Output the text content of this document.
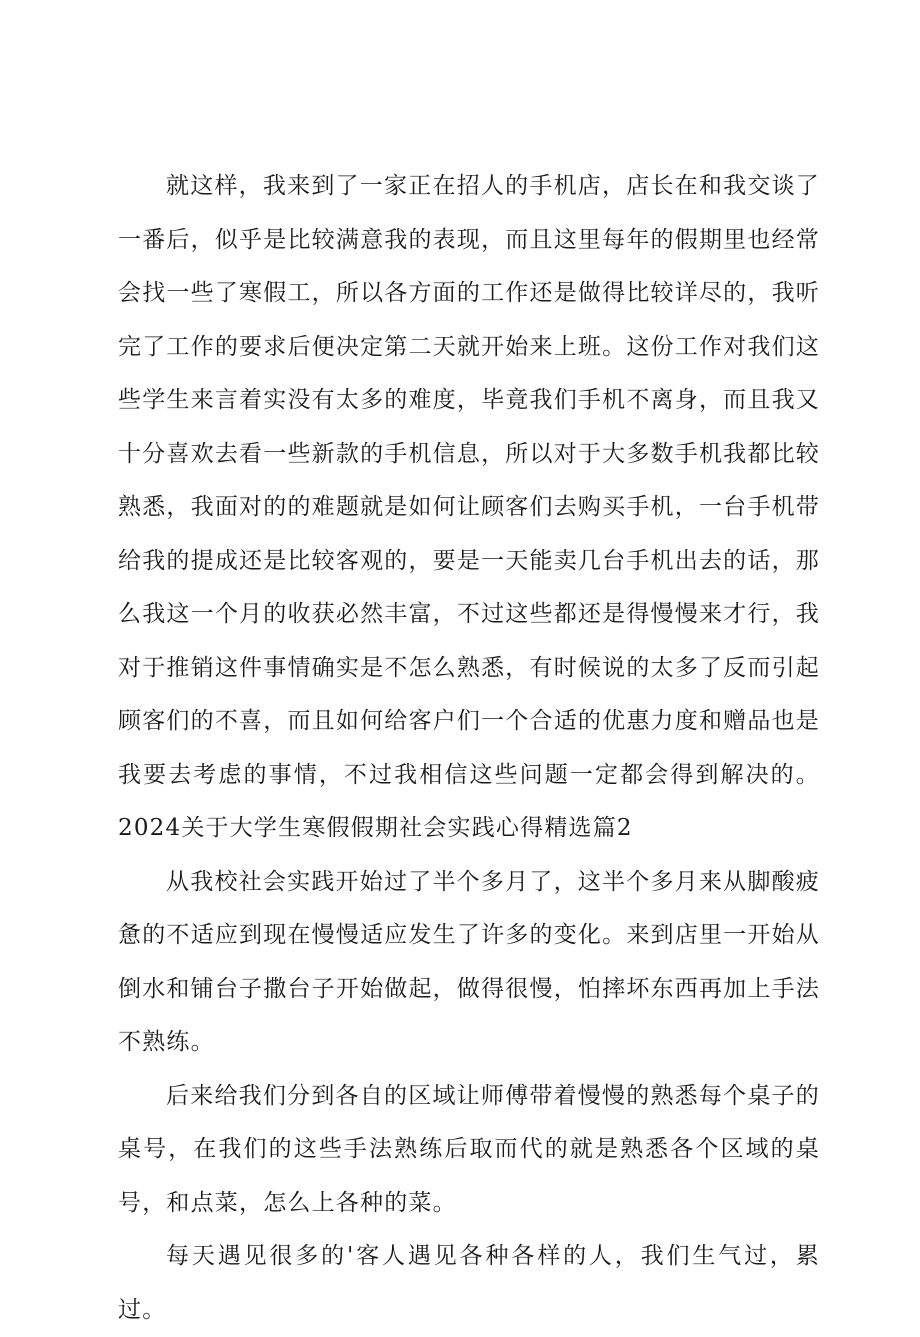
就这样，我来到了一家正在招人的手机店，店长在和我交谈了一番后，似乎是比较满意我的表现，而且这里每年的假期里也经常会找一些了寒假工，所以各方面的工作还是做得比较详尽的，我听完了工作的要求后便决定第二天就开始来上班。这份工作对我们这些学生来言着实没有太多的难度，毕竟我们手机不离身，而且我又十分喜欢去看一些新款的手机信息，所以对于大多数手机我都比较熟悉，我面对的的难题就是如何让顾客们去购买手机，一台手机带给我的提成还是比较客观的，要是一天能卖几台手机出去的话，那么我这一个月的收获必然丰富，不过这些都还是得慢慢来才行，我对于推销这件事情确实是不怎么熟悉，有时候说的太多了反而引起顾客们的不喜，而且如何给客户们一个合适的优惠力度和赠品也是我要去考虑的事情，不过我相信这些问题一定都会得到解决的。2024关于大学生寒假假期社会实践心得精选篇2

从我校社会实践开始过了半个多月了，这半个多月来从脚酸疲惫的不适应到现在慢慢适应发生了许多的变化。来到店里一开始从倒水和铺台子撒台子开始做起，做得很慢，怕摔坏东西再加上手法不熟练。

后来给我们分到各自的区域让师傅带着慢慢的熟悉每个桌子的桌号，在我们的这些手法熟练后取而代的就是熟悉各个区域的桌号，和点菜，怎么上各种的菜。

每天遇见很多的'客人遇见各种各样的人，我们生气过，累过。
